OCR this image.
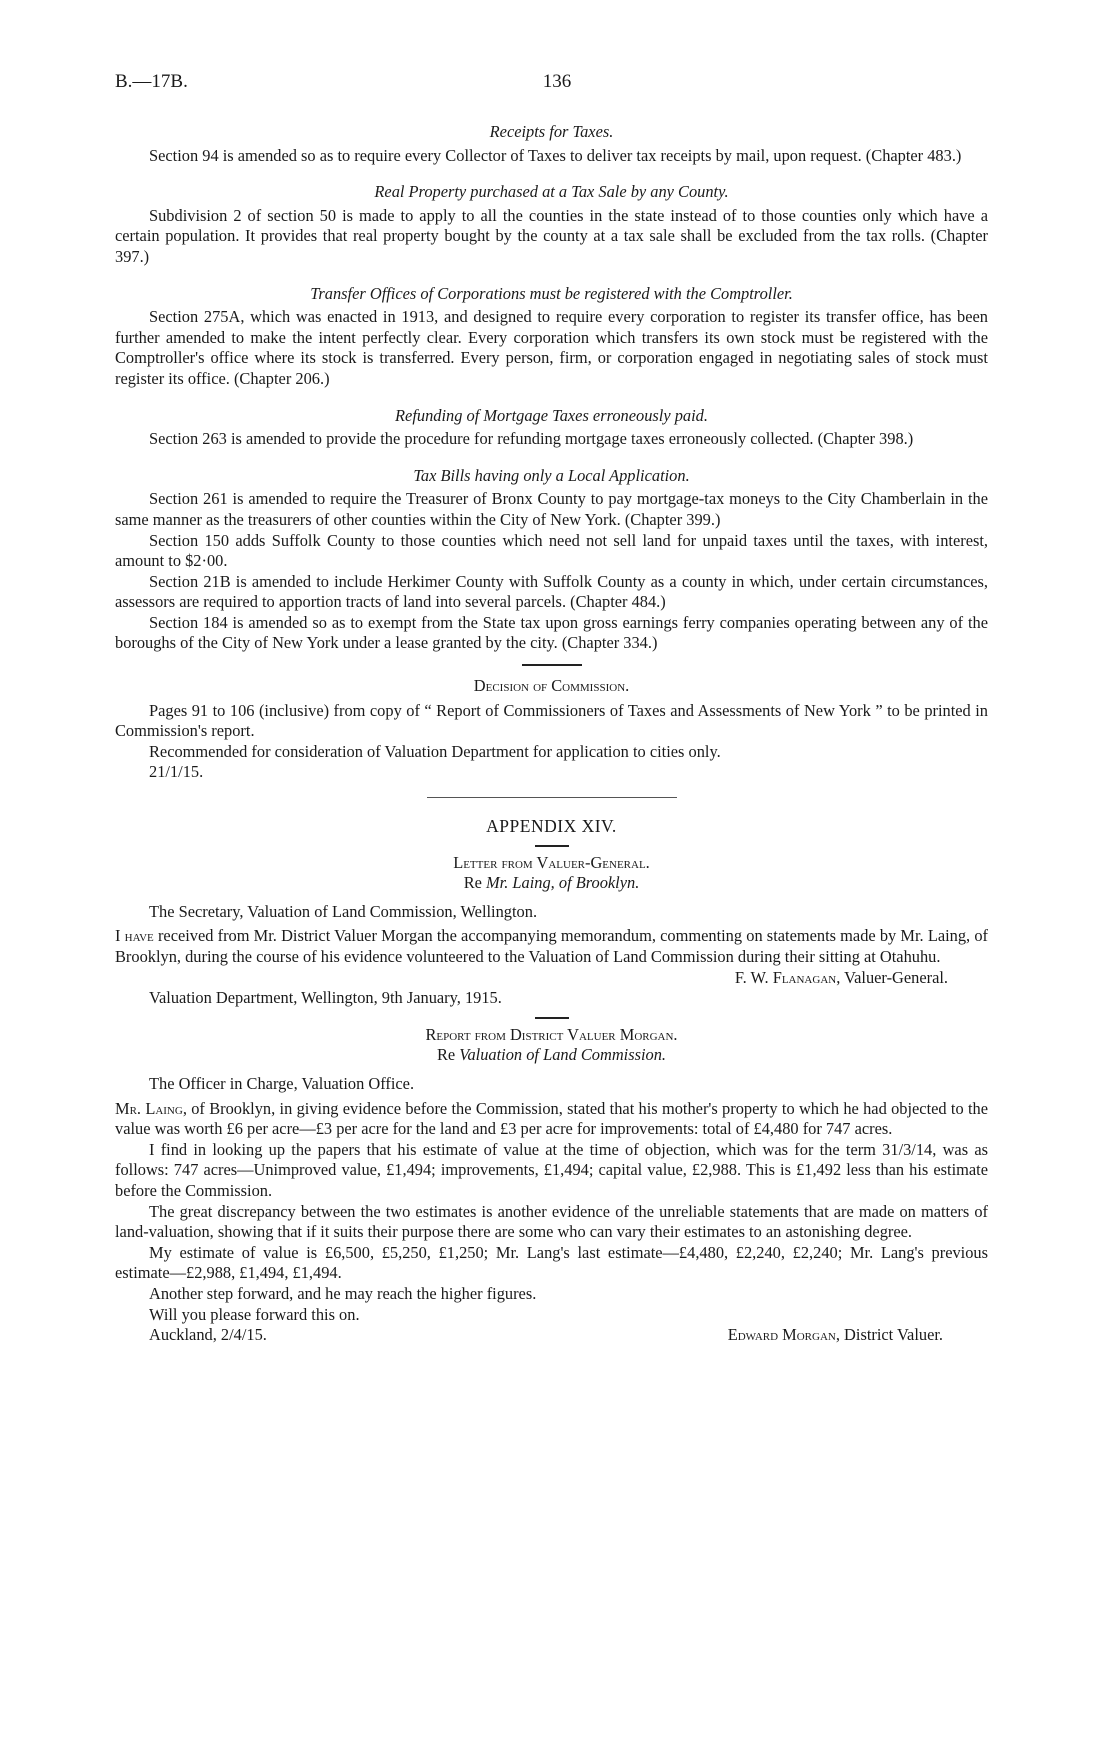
B.—17B.	136
Receipts for Taxes.

Section 94 is amended so as to require every Collector of Taxes to deliver tax receipts by mail, upon request. (Chapter 483.)

Real Property purchased at a Tax Sale by any County.

Subdivision 2 of section 50 is made to apply to all the counties in the state instead of to those counties only which have a certain population. It provides that real property bought by the county at a tax sale shall be excluded from the tax rolls. (Chapter 397.)

Transfer Offices of Corporations must be registered with the Comptroller.

Section 275A, which was enacted in 1913, and designed to require every corporation to register its transfer office, has been further amended to make the intent perfectly clear. Every corporation which transfers its own stock must be registered with the Comptroller's office where its stock is transferred. Every person, firm, or corporation engaged in negotiating sales of stock must register its office. (Chapter 206.)

Refunding of Mortgage Taxes erroneously paid.

Section 263 is amended to provide the procedure for refunding mortgage taxes erroneously collected. (Chapter 398.)

Tax Bills having only a Local Application.

Section 261 is amended to require the Treasurer of Bronx County to pay mortgage-tax moneys to the City Chamberlain in the same manner as the treasurers of other counties within the City of New York. (Chapter 399.)

Section 150 adds Suffolk County to those counties which need not sell land for unpaid taxes until the taxes, with interest, amount to $2·00.

Section 21B is amended to include Herkimer County with Suffolk County as a county in which, under certain circumstances, assessors are required to apportion tracts of land into several parcels. (Chapter 484.)

Section 184 is amended so as to exempt from the State tax upon gross earnings ferry companies operating between any of the boroughs of the City of New York under a lease granted by the city. (Chapter 334.)

Decision of Commission.

Pages 91 to 106 (inclusive) from copy of “ Report of Commissioners of Taxes and Assessments of New York ” to be printed in Commission's report.

Recommended for consideration of Valuation Department for application to cities only.

21/1/15.
APPENDIX XIV.
Letter from Valuer-General.
Re Mr. Laing, of Brooklyn.
The Secretary, Valuation of Land Commission, Wellington.

I have received from Mr. District Valuer Morgan the accompanying memorandum, commenting on statements made by Mr. Laing, of Brooklyn, during the course of his evidence volunteered to the Valuation of Land Commission during their sitting at Otahuhu.

F. W. Flanagan, Valuer-General.
Valuation Department, Wellington, 9th January, 1915.
Report from District Valuer Morgan.
Re Valuation of Land Commission.
The Officer in Charge, Valuation Office.

Mr. Laing, of Brooklyn, in giving evidence before the Commission, stated that his mother's property to which he had objected to the value was worth £6 per acre—£3 per acre for the land and £3 per acre for improvements: total of £4,480 for 747 acres.

I find in looking up the papers that his estimate of value at the time of objection, which was for the term 31/3/14, was as follows: 747 acres—Unimproved value, £1,494; improvements, £1,494; capital value, £2,988. This is £1,492 less than his estimate before the Commission.

The great discrepancy between the two estimates is another evidence of the unreliable statements that are made on matters of land-valuation, showing that if it suits their purpose there are some who can vary their estimates to an astonishing degree.

My estimate of value is £6,500, £5,250, £1,250; Mr. Lang's last estimate—£4,480, £2,240, £2,240; Mr. Lang's previous estimate—£2,988, £1,494, £1,494.

Another step forward, and he may reach the higher figures.

Will you please forward this on.

Auckland, 2/4/15.	Edward Morgan, District Valuer.
